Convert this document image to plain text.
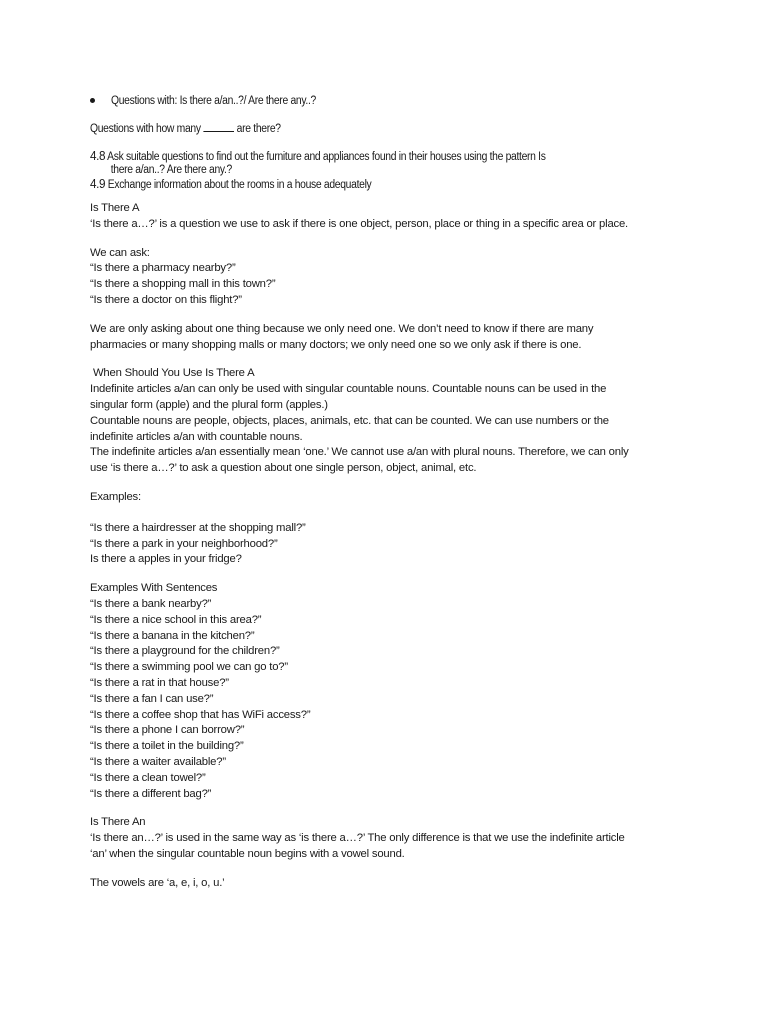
Questions with: Is there a/an..?/ Are there any..?
Questions with how many	are there?
4.8 Ask suitable questions to find out the furniture and appliances found in their houses using the pattern Is
there a/an..? Are there any.?
4.9 Exchange information about the rooms in a house adequately
Is There A
‘Is there a…?’ is a question we use to ask if there is one object, person, place or thing in a specific area or place.
We can ask:
“Is there a pharmacy nearby?”
“Is there a shopping mall in this town?”
“Is there a doctor on this flight?”
We are only asking about one thing because we only need one. We don’t need to know if there are many
pharmacies or many shopping malls or many doctors; we only need one so we only ask if there is one.
When Should You Use Is There A
Indefinite articles a/an can only be used with singular countable nouns. Countable nouns can be used in the
singular form (apple) and the plural form (apples.)
Countable nouns are people, objects, places, animals, etc. that can be counted. We can use numbers or the
indefinite articles a/an with countable nouns.
The indefinite articles a/an essentially mean ‘one.’ We cannot use a/an with plural nouns. Therefore, we can only
use ‘is there a…?’ to ask a question about one single person, object, animal, etc.
Examples:
“Is there a hairdresser at the shopping mall?”
“Is there a park in your neighborhood?”
Is there a apples in your fridge?
Examples With Sentences
“Is there a bank nearby?”
“Is there a nice school in this area?”
“Is there a banana in the kitchen?”
“Is there a playground for the children?”
“Is there a swimming pool we can go to?”
“Is there a rat in that house?”
“Is there a fan I can use?”
“Is there a coffee shop that has WiFi access?”
“Is there a phone I can borrow?”
“Is there a toilet in the building?”
“Is there a waiter available?”
“Is there a clean towel?”
“Is there a different bag?”
Is There An
‘Is there an…?’ is used in the same way as ‘is there a…?’ The only difference is that we use the indefinite article
‘an’ when the singular countable noun begins with a vowel sound.
The vowels are ‘a, e, i, o, u.’
